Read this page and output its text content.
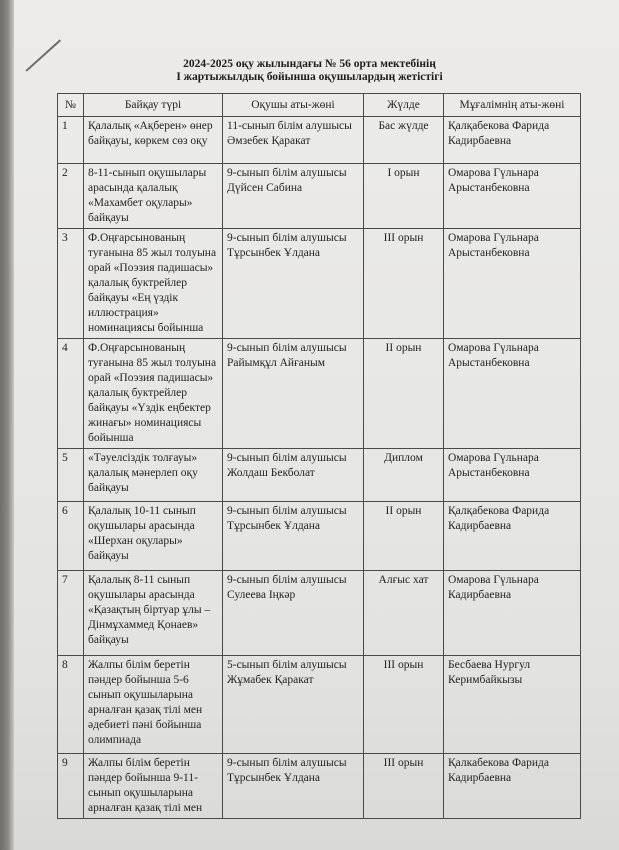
2024-2025 оқу жылындағы № 56 орта мектебінің
І жартыжылдық бойынша оқушылардың жетістігі
№	Байқау түрі	Оқушы аты-жөні	Жүлде	Мұғалімнің аты-жөні
1	Қалалық «Ақберен» өнер байқауы, көркем сөз оқу	11-сынып білім алушысы Әмзебек Қаракат	Бас жүлде	Қалқабекова Фарида Кадирбаевна
2	8-11-сынып оқушылары арасында қалалық «Махамбет оқулары» байқауы	9-сынып білім алушысы Дүйсен Сабина	І орын	Омарова Гүльнара Арыстанбековна
3	Ф.Оңғарсынованың туғанына 85 жыл толуына орай «Поэзия падишасы» қалалық буктрейлер байқауы «Ең үздік иллюстрация» номинациясы бойынша	9-сынып білім алушысы Тұрсынбек Ұлдана	ІІІ орын	Омарова Гүльнара Арыстанбековна
4	Ф.Оңғарсынованың туғанына 85 жыл толуына орай «Поэзия падишасы» қалалық буктрейлер байқауы «Үздік еңбектер жинағы» номинациясы бойынша	9-сынып білім алушысы Райымқұл Айғаным	ІІ орын	Омарова Гүльнара Арыстанбековна
5	«Тәуелсіздік толғауы» қалалық мәнерлеп оқу байқауы	9-сынып білім алушысы Жолдаш Бекболат	Диплом	Омарова Гүльнара Арыстанбековна
6	Қалалық 10-11 сынып оқушылары арасында «Шерхан оқулары» байқауы	9-сынып білім алушысы Тұрсынбек Ұлдана	ІІ орын	Қалқабекова Фарида Кадирбаевна
7	Қалалық 8-11 сынып оқушылары арасында «Қазақтың біртуар ұлы – Дінмұхаммед Қонаев» байқауы	9-сынып білім алушысы Сулеева Іңкәр	Алғыс хат	Омарова Гүльнара Кадирбаевна
8	Жалпы білім беретін пәндер бойынша 5-6 сынып оқушыларына арналған қазақ тілі мен әдебиеті пәні бойынша олимпиада	5-сынып білім алушысы Жұмабек Қаракат	ІІІ орын	Бесбаева Нургул Керимбайкызы
9	Жалпы білім беретін пәндер бойынша 9-11-сынып оқушыларына арналған қазақ тілі мен	9-сынып білім алушысы Тұрсынбек Ұлдана	ІІІ орын	Қалкабекова Фарида Кадирбаевна
